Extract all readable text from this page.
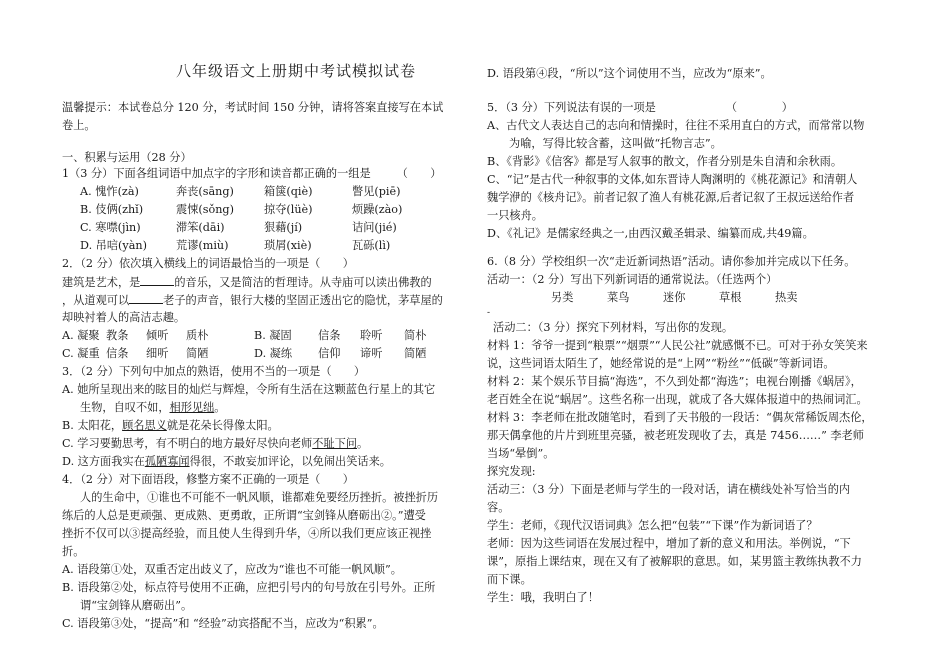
八年级语文上册期中考试模拟试卷
温馨提示：本试卷总分 120 分，考试时间 150 分钟，请将答案直接写在本试
卷上。
一、积累与运用（28 分）
1（3 分）下面各组词语中加点字的字形和读音都正确的一组是 （　　）
A. 愧怍(zà)	奔丧(sāng)	箱箧(qiè)	瞥见(piē)
B. 伎俩(zhǐ)	震悚(sǒng)	掠夺(lüè)	烦躁(zào)
C. 寒噤(jìn)	滞笨(dāi)	狠藉(jí)	诘问(jié)
D. 吊唁(yàn)	荒谬(miù)	琐屑(xiè)	瓦砾(lì)
2．（2 分）依次填入横线上的词语最恰当的一项是（　　）
建筑是艺术，是	的音乐，又是简洁的哲理诗。从寺庙可以读出佛教的
，从道观可以	老子的声音，银行大楼的坚固正透出它的隐忧，茅草屋的
却映衬着人的高洁志趣。
A. 凝聚 教条 倾听 质朴	B. 凝固 信条 聆听 简朴
C. 凝重 信条 细听 简陋	D. 凝练 信仰 谛听 简陋
3．（2 分）下列句中加点的熟语，使用不当的一项是（　　）
A. 她所呈现出来的眩目的灿烂与辉煌，令所有生活在这颗蓝色行星上的其它
生物，自叹不如，相形见绌。
B. 太阳花，顾名思义就是花朵长得像太阳。
C. 学习要勤思考，有不明白的地方最好尽快向老师不耻下问。
D. 这方面我实在孤陋寡闻得很，不敢妄加评论，以免闹出笑话来。
4．（2 分）对下面语段，修整方案不正确的一项是（　　）
人的生命中，①谁也不可能不一帆风顺，谁都难免要经历挫折。被挫折历
练后的人总是更顽强、更成熟、更勇敢，正所谓“宝剑锋从磨砺出②。”遭受
挫折不仅可以③提高经验，而且使人生得到升华，④所以我们更应该正视挫
折。
A. 语段第①处，双重否定出歧义了，应改为“谁也不可能一帆风顺”。
B. 语段第②处，标点符号使用不正确，应把引号内的句号放在引号外。正所
谓“宝剑锋从磨砺出”。
C. 语段第③处，“提高”和 “经验”动宾搭配不当，应改为“积累”。
D. 语段第④段，“所以”这个词使用不当，应改为“原来”。
5．（3 分）下列说法有误的一项是	（　　　　）
A、古代文人表达自己的志向和情操时，往往不采用直白的方式，而常常以物
为喻，写得比较含蓄，这叫做“托物言志”。
B、《背影》《信客》都是写人叙事的散文，作者分别是朱自清和余秋雨。
C、“记”是古代一种叙事的文体,如东晋诗人陶渊明的《桃花源记》和清朝人
魏学洢的《核舟记》。前者记叙了渔人有桃花源,后者记叙了王叔远送给作者
一只核舟。
D、《礼记》是儒家经典之一,由西汉戴圣辑录、编纂而成,共49篇。
6.（8 分）学校组织一次“走近新词热语”活动。请你参加并完成以下任务。
活动一：（2 分）写出下列新词语的通常说法。（任选两个）
另类	菜鸟	迷你	草根	热卖
-
活动二：（3 分）探究下列材料，写出你的发现。
材料 1：爷爷一提到“粮票”“烟票”“人民公社”就感慨不已。可对于孙女笑笑来
说，这些词语太陌生了，她经常说的是“上网”“粉丝”“低碳”等新词语。
材料 2：某个娱乐节目搞“海选”，不久到处都“海选”；电视台刚播《蜗居》，
老百姓全在说“蜗居”。这些名称一出现，就成了各大媒体报道中的热闹词汇。
材料 3：李老师在批改随笔时，看到了天书般的一段话：“偶灰常稀饭周杰伦，
那天偶拿他的片片到班里亮骚，被老班发现收了去，真是 7456……” 李老师
当场“晕倒”。
探究发现:
活动三：（3 分）下面是老师与学生的一段对话，请在横线处补写恰当的内
容。
学生：老师，《现代汉语词典》怎么把“包装”“下课”作为新词语了？
老师：因为这些词语在发展过程中，增加了新的意义和用法。举例说，“下
课”，原指上课结束，现在又有了被解职的意思。如，某男篮主教练执教不力
而下课。
学生：哦，我明白了！
